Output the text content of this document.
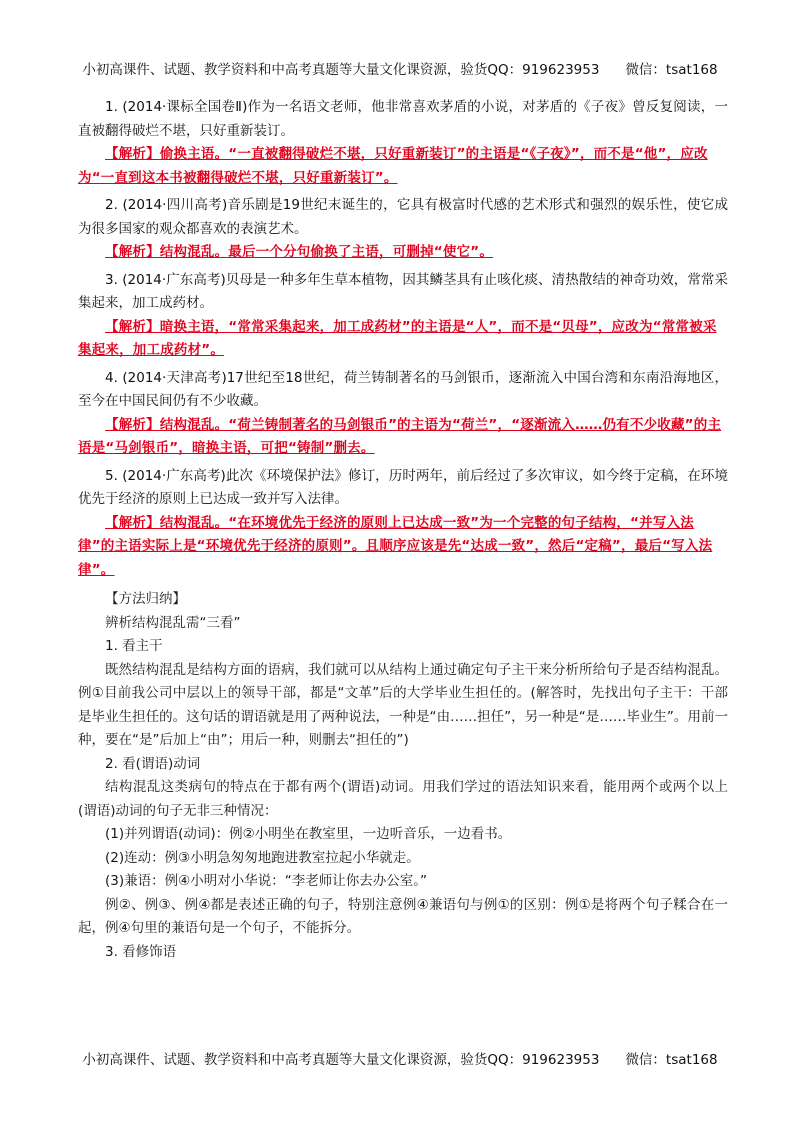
小初高课件、试题、教学资料和中高考真题等大量文化课资源，验货QQ：919623953 微信：tsat168

1. (2014·课标全国卷Ⅱ)作为一名语文老师，他非常喜欢茅盾的小说，对茅盾的《子夜》曾反复阅读，一直被翻得破烂不堪，只好重新装订。

【解析】偷换主语。“一直被翻得破烂不堪，只好重新装订”的主语是“《子夜》”，而不是“他”，应改为“一直到这本书被翻得破烂不堪，只好重新装订”。

2. (2014·四川高考)音乐剧是19世纪末诞生的，它具有极富时代感的艺术形式和强烈的娱乐性，使它成为很多国家的观众都喜欢的表演艺术。

【解析】结构混乱。最后一个分句偷换了主语，可删掉“使它”。

3. (2014·广东高考)贝母是一种多年生草本植物，因其鳞茎具有止咳化痰、清热散结的神奇功效，常常采集起来，加工成药材。

【解析】暗换主语，“常常采集起来，加工成药材”的主语是“人”，而不是“贝母”，应改为“常常被采集起来，加工成药材”。

4. (2014·天津高考)17世纪至18世纪，荷兰铸制著名的马剑银币，逐渐流入中国台湾和东南沿海地区，至今在中国民间仍有不少收藏。

【解析】结构混乱。“荷兰铸制著名的马剑银币”的主语为“荷兰”，“逐渐流入……仍有不少收藏”的主语是“马剑银币”，暗换主语，可把“铸制”删去。

5. (2014·广东高考)此次《环境保护法》修订，历时两年，前后经过了多次审议，如今终于定稿，在环境优先于经济的原则上已达成一致并写入法律。

【解析】结构混乱。“在环境优先于经济的原则上已达成一致”为一个完整的句子结构，“并写入法律”的主语实际上是“环境优先于经济的原则”。且顺序应该是先“达成一致”，然后“定稿”，最后“写入法律”。

【方法归纳】

辨析结构混乱需“三看”

1. 看主干

既然结构混乱是结构方面的语病，我们就可以从结构上通过确定句子主干来分析所给句子是否结构混乱。例①目前我公司中层以上的领导干部，都是“文革”后的大学毕业生担任的。(解答时，先找出句子主干：干部是毕业生担任的。这句话的谓语就是用了两种说法，一种是“由……担任”，另一种是“是……毕业生”。用前一种，要在“是”后加上“由”；用后一种，则删去“担任的”)

2. 看(谓语)动词

结构混乱这类病句的特点在于都有两个(谓语)动词。用我们学过的语法知识来看，能用两个或两个以上(谓语)动词的句子无非三种情况：

(1)并列谓语(动词)：例②小明坐在教室里，一边听音乐，一边看书。

(2)连动：例③小明急匆匆地跑进教室拉起小华就走。

(3)兼语：例④小明对小华说：“李老师让你去办公室。”

例②、例③、例④都是表述正确的句子，特别注意例④兼语句与例①的区别：例①是将两个句子糅合在一起，例④句里的兼语句是一个句子，不能拆分。

3. 看修饰语

小初高课件、试题、教学资料和中高考真题等大量文化课资源，验货QQ：919623953 微信：tsat168
